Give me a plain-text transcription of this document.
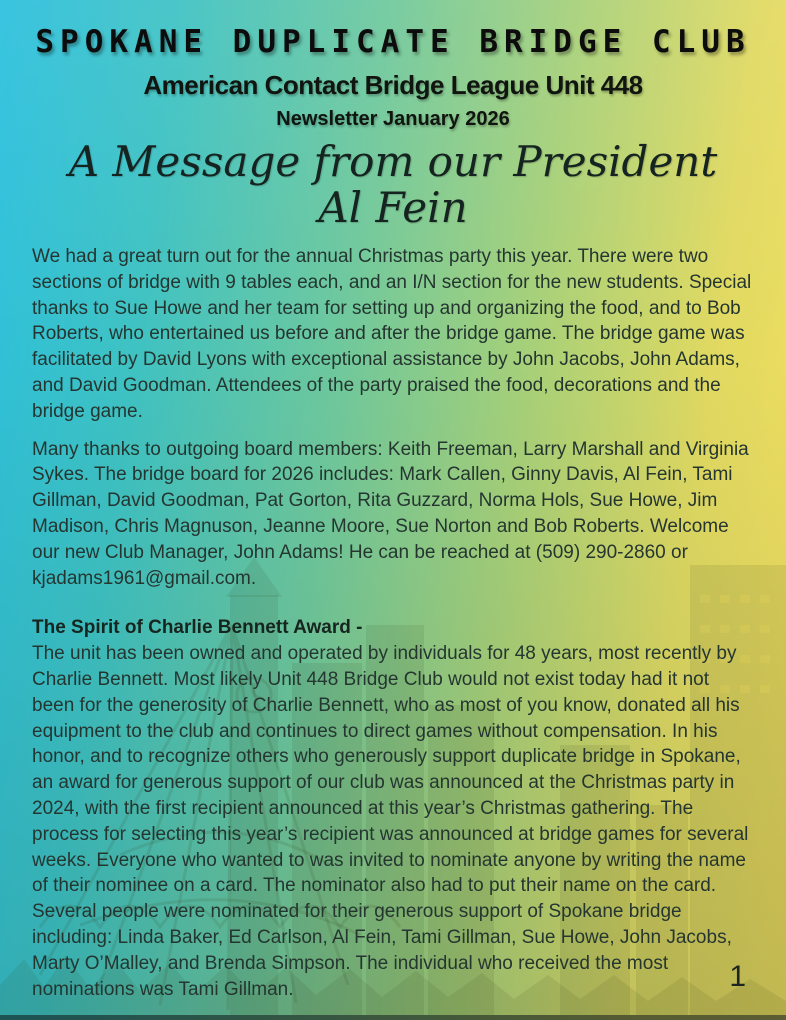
SPOKANE DUPLICATE BRIDGE CLUB
American Contact Bridge League Unit 448
Newsletter January 2026
A Message from our President
Al Fein

We had a great turn out for the annual Christmas party this year. There were two sections of bridge with 9 tables each, and an I/N section for the new students. Special thanks to Sue Howe and her team for setting up and organizing the food, and to Bob Roberts, who entertained us before and after the bridge game. The bridge game was facilitated by David Lyons with exceptional assistance by John Jacobs, John Adams, and David Goodman. Attendees of the party praised the food, decorations and the bridge game.

Many thanks to outgoing board members: Keith Freeman, Larry Marshall and Virginia Sykes. The bridge board for 2026 includes: Mark Callen, Ginny Davis, Al Fein, Tami Gillman, David Goodman, Pat Gorton, Rita Guzzard, Norma Hols, Sue Howe, Jim Madison, Chris Magnuson, Jeanne Moore, Sue Norton and Bob Roberts. Welcome our new Club Manager, John Adams! He can be reached at (509) 290-2860 or kjadams1961@gmail.com.

The Spirit of Charlie Bennett Award -
The unit has been owned and operated by individuals for 48 years, most recently by Charlie Bennett. Most likely Unit 448 Bridge Club would not exist today had it not been for the generosity of Charlie Bennett, who as most of you know, donated all his equipment to the club and continues to direct games without compensation. In his honor, and to recognize others who generously support duplicate bridge in Spokane, an award for generous support of our club was announced at the Christmas party in 2024, with the first recipient announced at this year’s Christmas gathering. The process for selecting this year’s recipient was announced at bridge games for several weeks. Everyone who wanted to was invited to nominate anyone by writing the name of their nominee on a card. The nominator also had to put their name on the card. Several people were nominated for their generous support of Spokane bridge including: Linda Baker, Ed Carlson, Al Fein, Tami Gillman, Sue Howe, John Jacobs, Marty O’Malley, and Brenda Simpson. The individual who received the most nominations was Tami Gillman.	1
